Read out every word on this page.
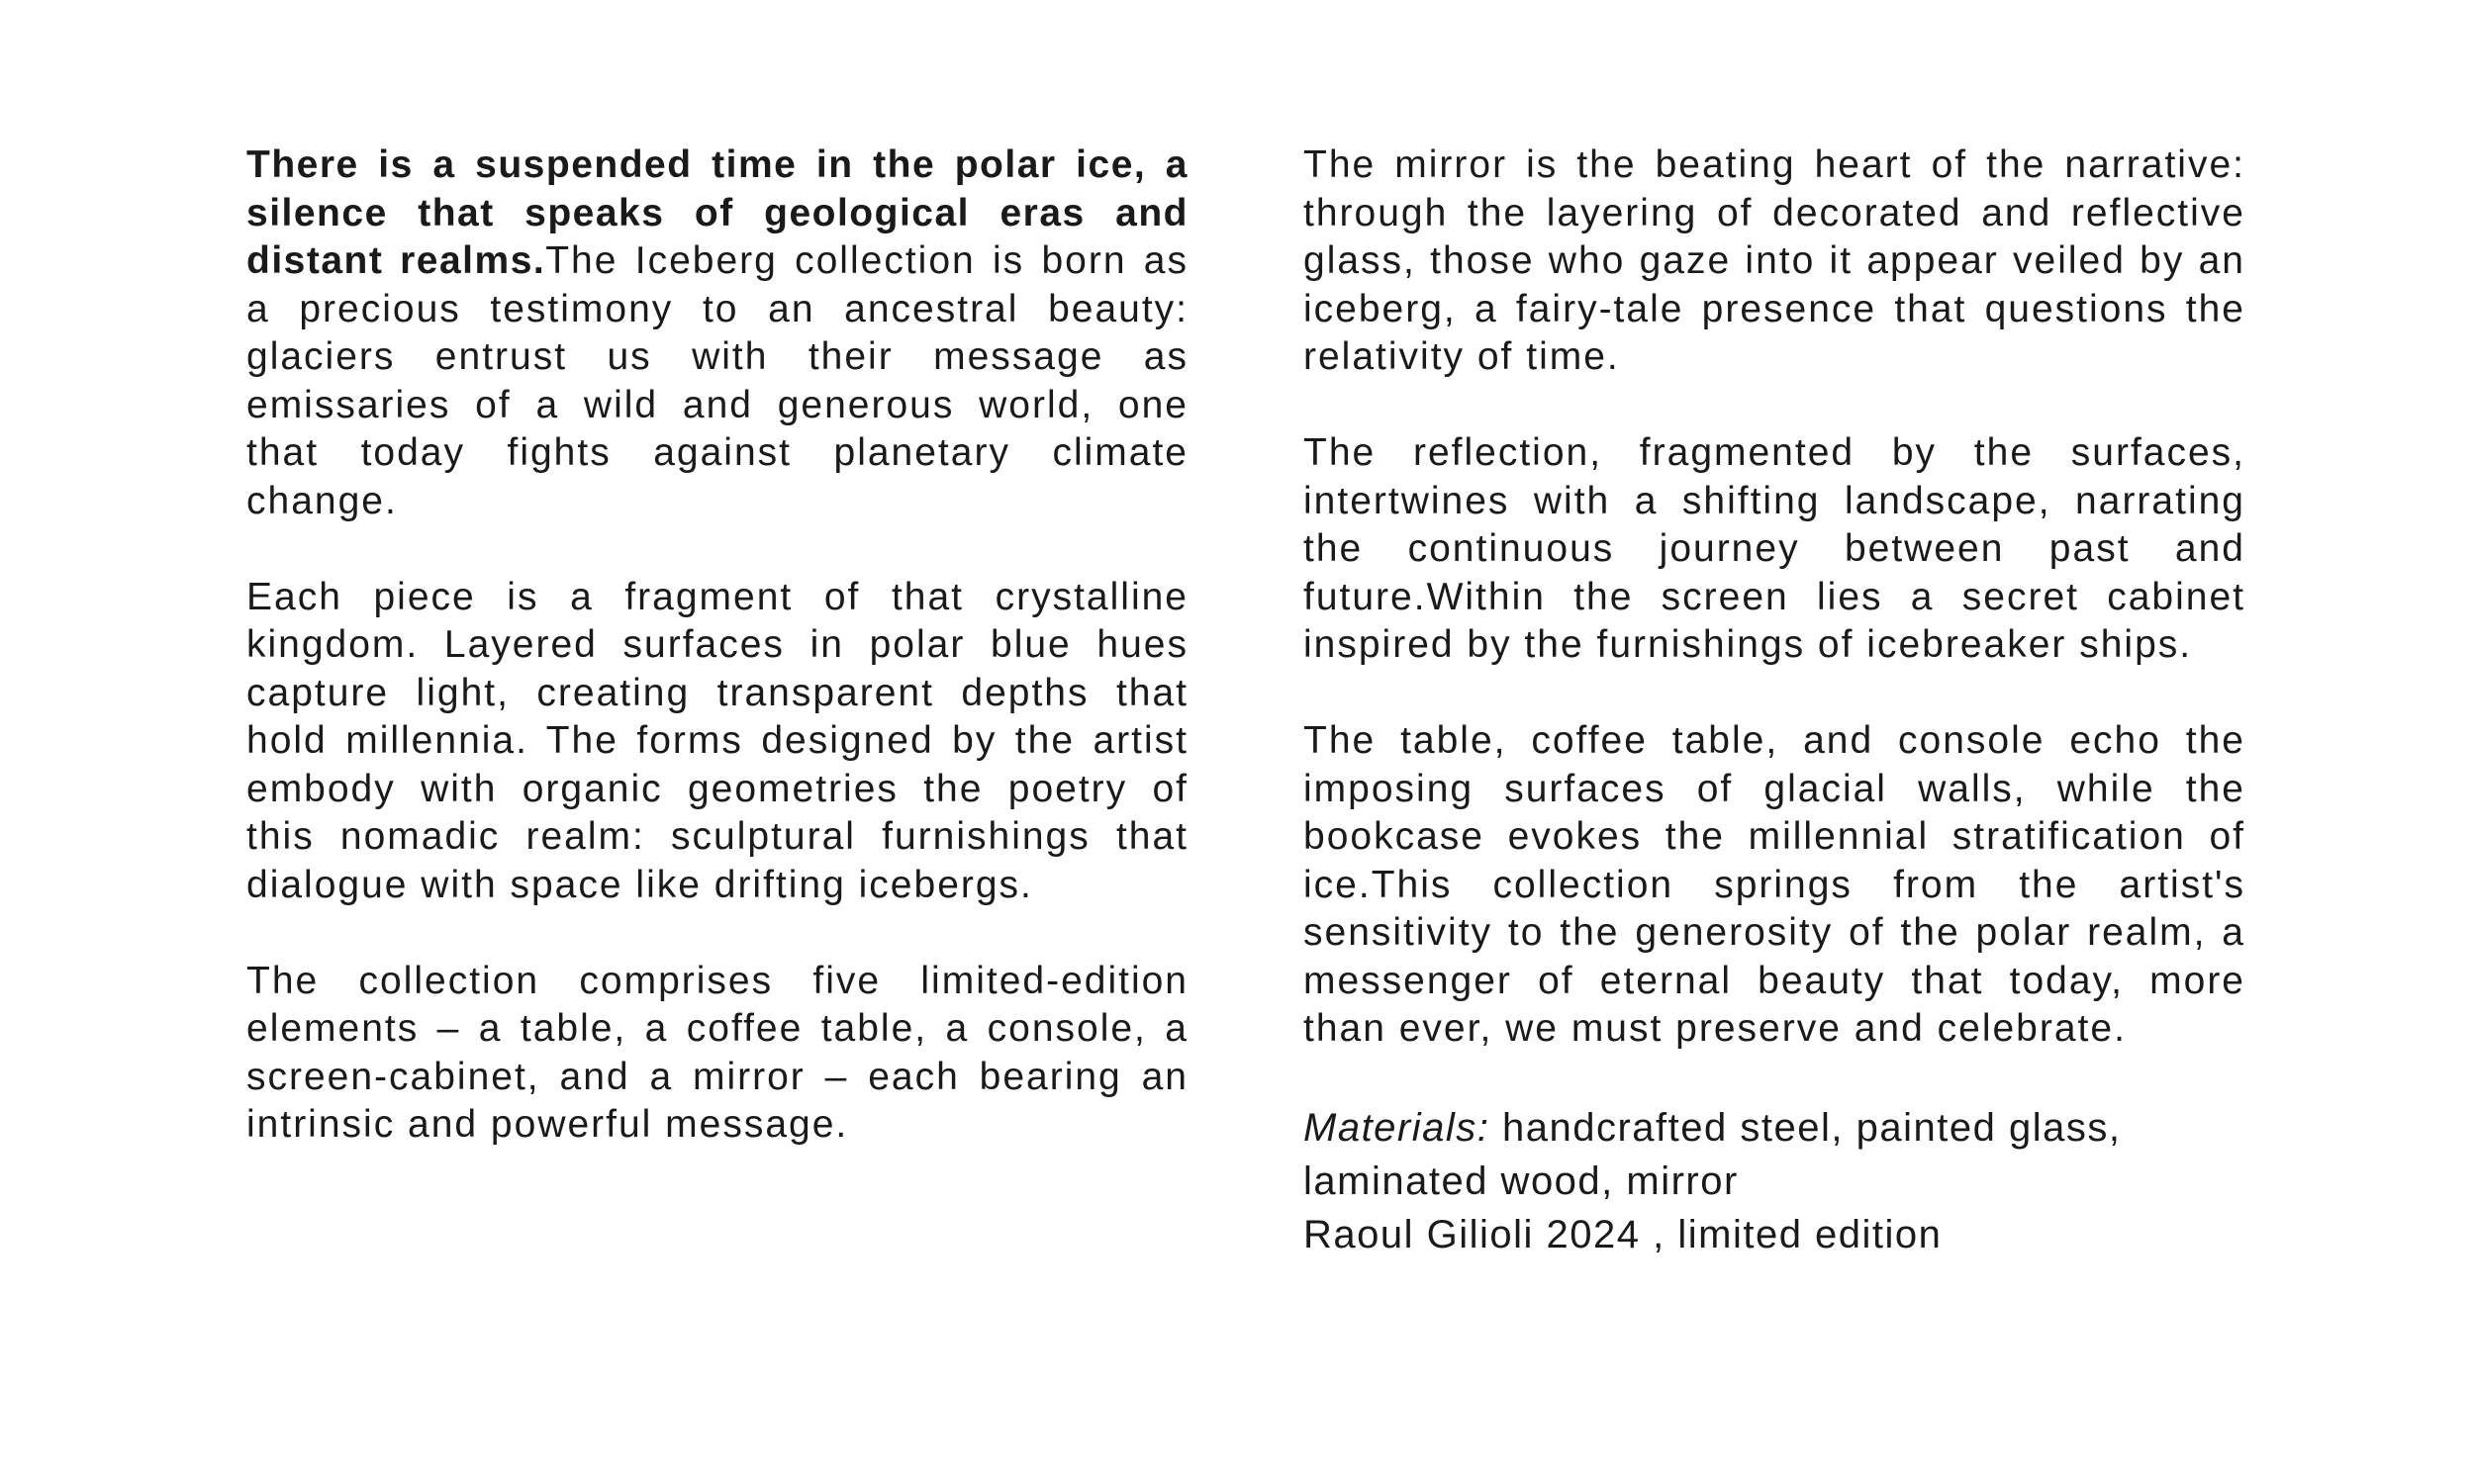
There is a suspended time in the polar ice, a silence that speaks of geological eras and distant realms.The Iceberg collection is born as a precious testimony to an ancestral beauty: glaciers entrust us with their message as emissaries of a wild and generous world, one that today fights against planetary climate change.

Each piece is a fragment of that crystalline kingdom. Layered surfaces in polar blue hues capture light, creating transparent depths that hold millennia. The forms designed by the artist embody with organic geometries the poetry of this nomadic realm: sculptural furnishings that dialogue with space like drifting icebergs.

The collection comprises five limited-edition elements – a table, a coffee table, a console, a screen-cabinet, and a mirror – each bearing an intrinsic and powerful message.

The mirror is the beating heart of the narrative: through the layering of decorated and reflective glass, those who gaze into it appear veiled by an iceberg, a fairy-tale presence that questions the relativity of time.

The reflection, fragmented by the surfaces, intertwines with a shifting landscape, narrating the continuous journey between past and future.Within the screen lies a secret cabinet inspired by the furnishings of icebreaker ships.

The table, coffee table, and console echo the imposing surfaces of glacial walls, while the bookcase evokes the millennial stratification of ice.This collection springs from the artist's sensitivity to the generosity of the polar realm, a messenger of eternal beauty that today, more than ever, we must preserve and celebrate.

Materials: handcrafted steel, painted glass, laminated wood, mirror
Raoul Gilioli 2024 , limited edition
